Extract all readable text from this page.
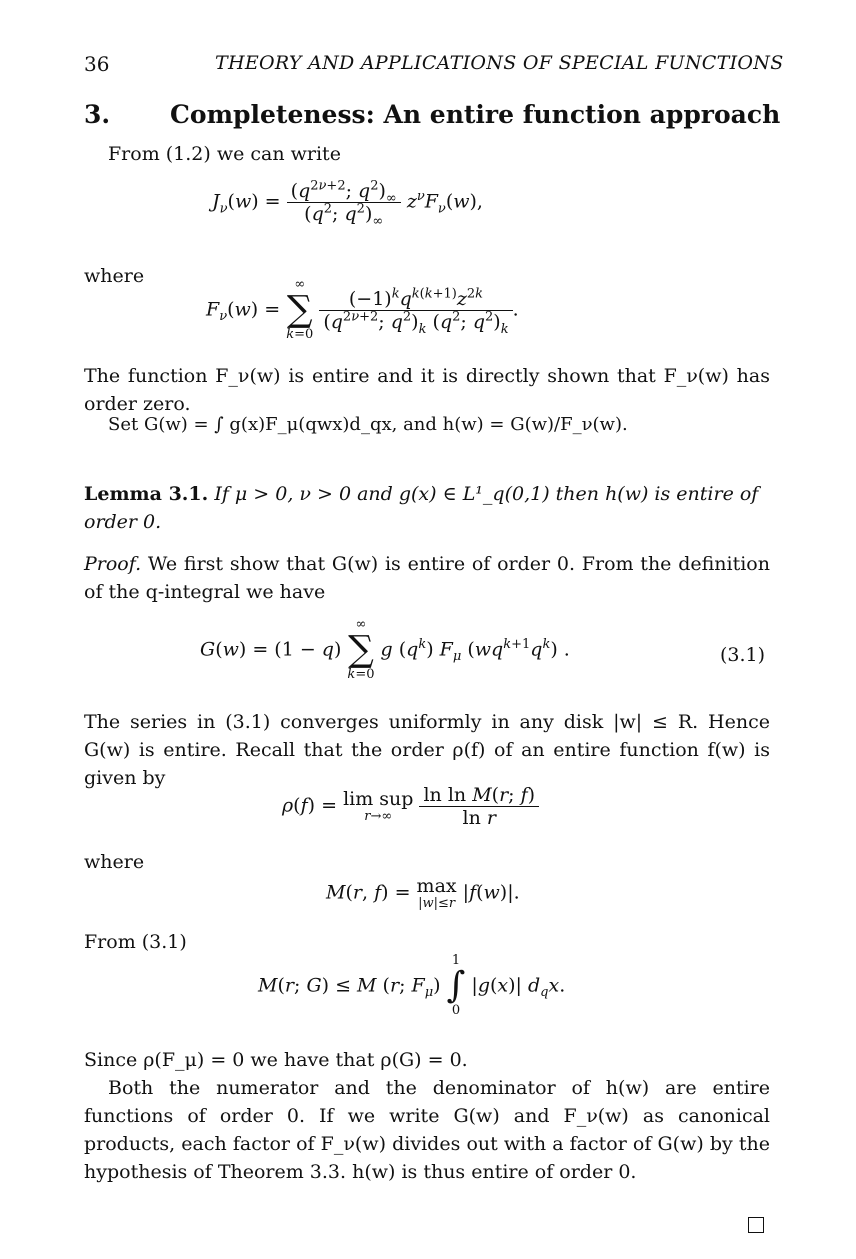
36	THEORY AND APPLICATIONS OF SPECIAL FUNCTIONS
3. Completeness: An entire function approach
From (1.2) we can write
$J_\nu(w) = \frac{(q^{2\nu+2}; q^2)_\infty}{(q^2; q^2)_\infty} z^\nu F_\nu(w)$,
where
$F_\nu(w)$ =
∞
∑
k=0

$\frac{(-1)^kq^{k(k+1)}z^{2k}}{(q^{2\nu+2}; q^2)_k (q^2; q^2)_k}$ .
The function F_ν(w) is entire and it is directly shown that F_ν(w) has order zero.
Set G(w) = ∫ g(x)F_μ(qwx)d_qx, and h(w) = G(w)/F_ν(w).
Lemma 3.1. If μ > 0, ν > 0 and g(x) ∈ L¹_q(0,1) then h(w) is entire of order 0.
Proof. We first show that G(w) is entire of order 0. From the definition of the q-integral we have
G(w) = (1 − q)
∞
∑
k=0
g $(q^k)$ $F_\mu$ $(wq^{k+1}q^k)$ .	(3.1)
The series in (3.1) converges uniformly in any disk |w| ≤ R. Hence G(w) is entire. Recall that the order ρ(f) of an entire function f(w) is given by
ρ(f) = lim sup
r→∞
	$\frac{\text{ln ln M(r; f)}}{\text{ln r}}$
where
M(r, f) = max
|w|≤r |f(w)|.
From (3.1)
M(r; G) ≤ M (r; $F_\mu$)
1
∫
0
|g(x)| $d_qx$.
Since ρ(F_μ) = 0 we have that ρ(G) = 0.
Both the numerator and the denominator of h(w) are entire functions of order 0. If we write G(w) and F_ν(w) as canonical products, each factor of F_ν(w) divides out with a factor of G(w) by the hypothesis of Theorem 3.3. h(w) is thus entire of order 0.
